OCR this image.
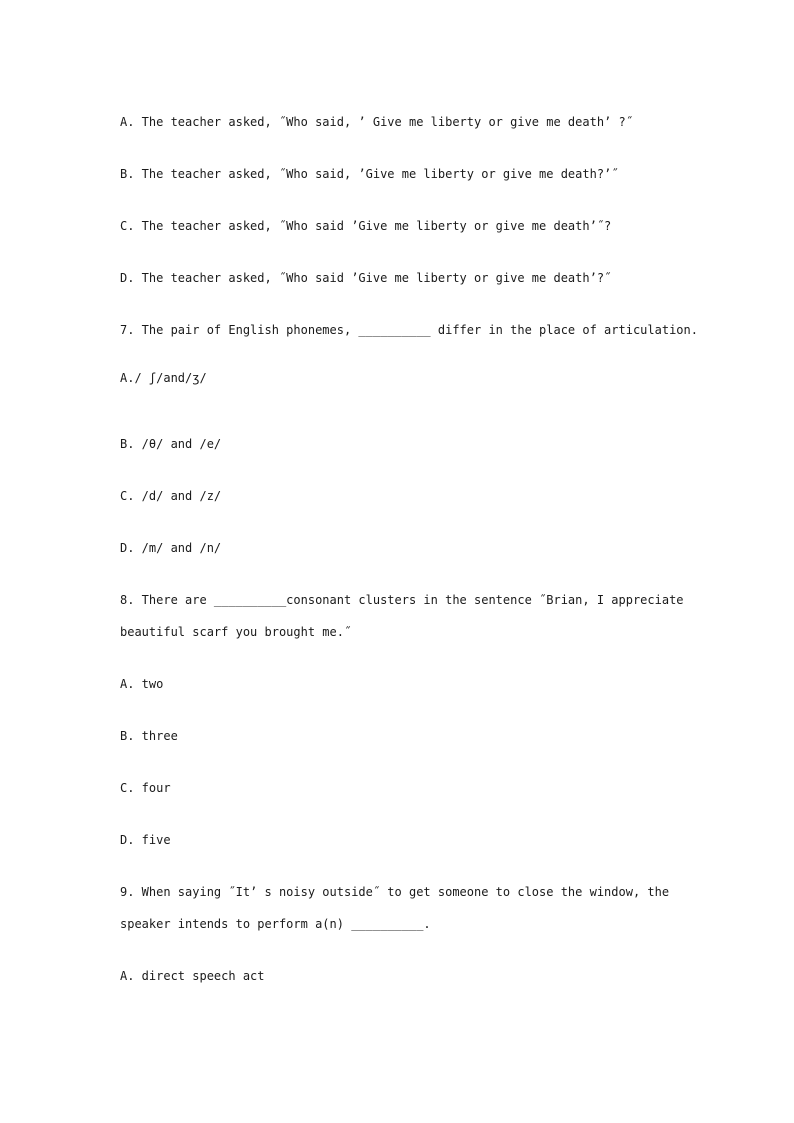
A. The teacher asked, ˝Who said, ’ Give me liberty or give me death’ ?˝

B. The teacher asked, ˝Who said, ’Give me liberty or give me death?’˝

C. The teacher asked, ˝Who said ’Give me liberty or give me death’˝?

D. The teacher asked, ˝Who said ’Give me liberty or give me death’?˝

7. The pair of English phonemes, __________ differ in the place of articulation.

A./ ʃ/and/ʒ/

B. /θ/ and /e/

C. /d/ and /z/

D. /m/ and /n/

8. There are __________consonant clusters in the sentence ˝Brian, I appreciate

beautiful scarf you brought me.˝

A. two

B. three

C. four

D. five

9. When saying ˝It’ s noisy outside˝ to get someone to close the window, the

speaker intends to perform a(n) __________.

A. direct speech act
